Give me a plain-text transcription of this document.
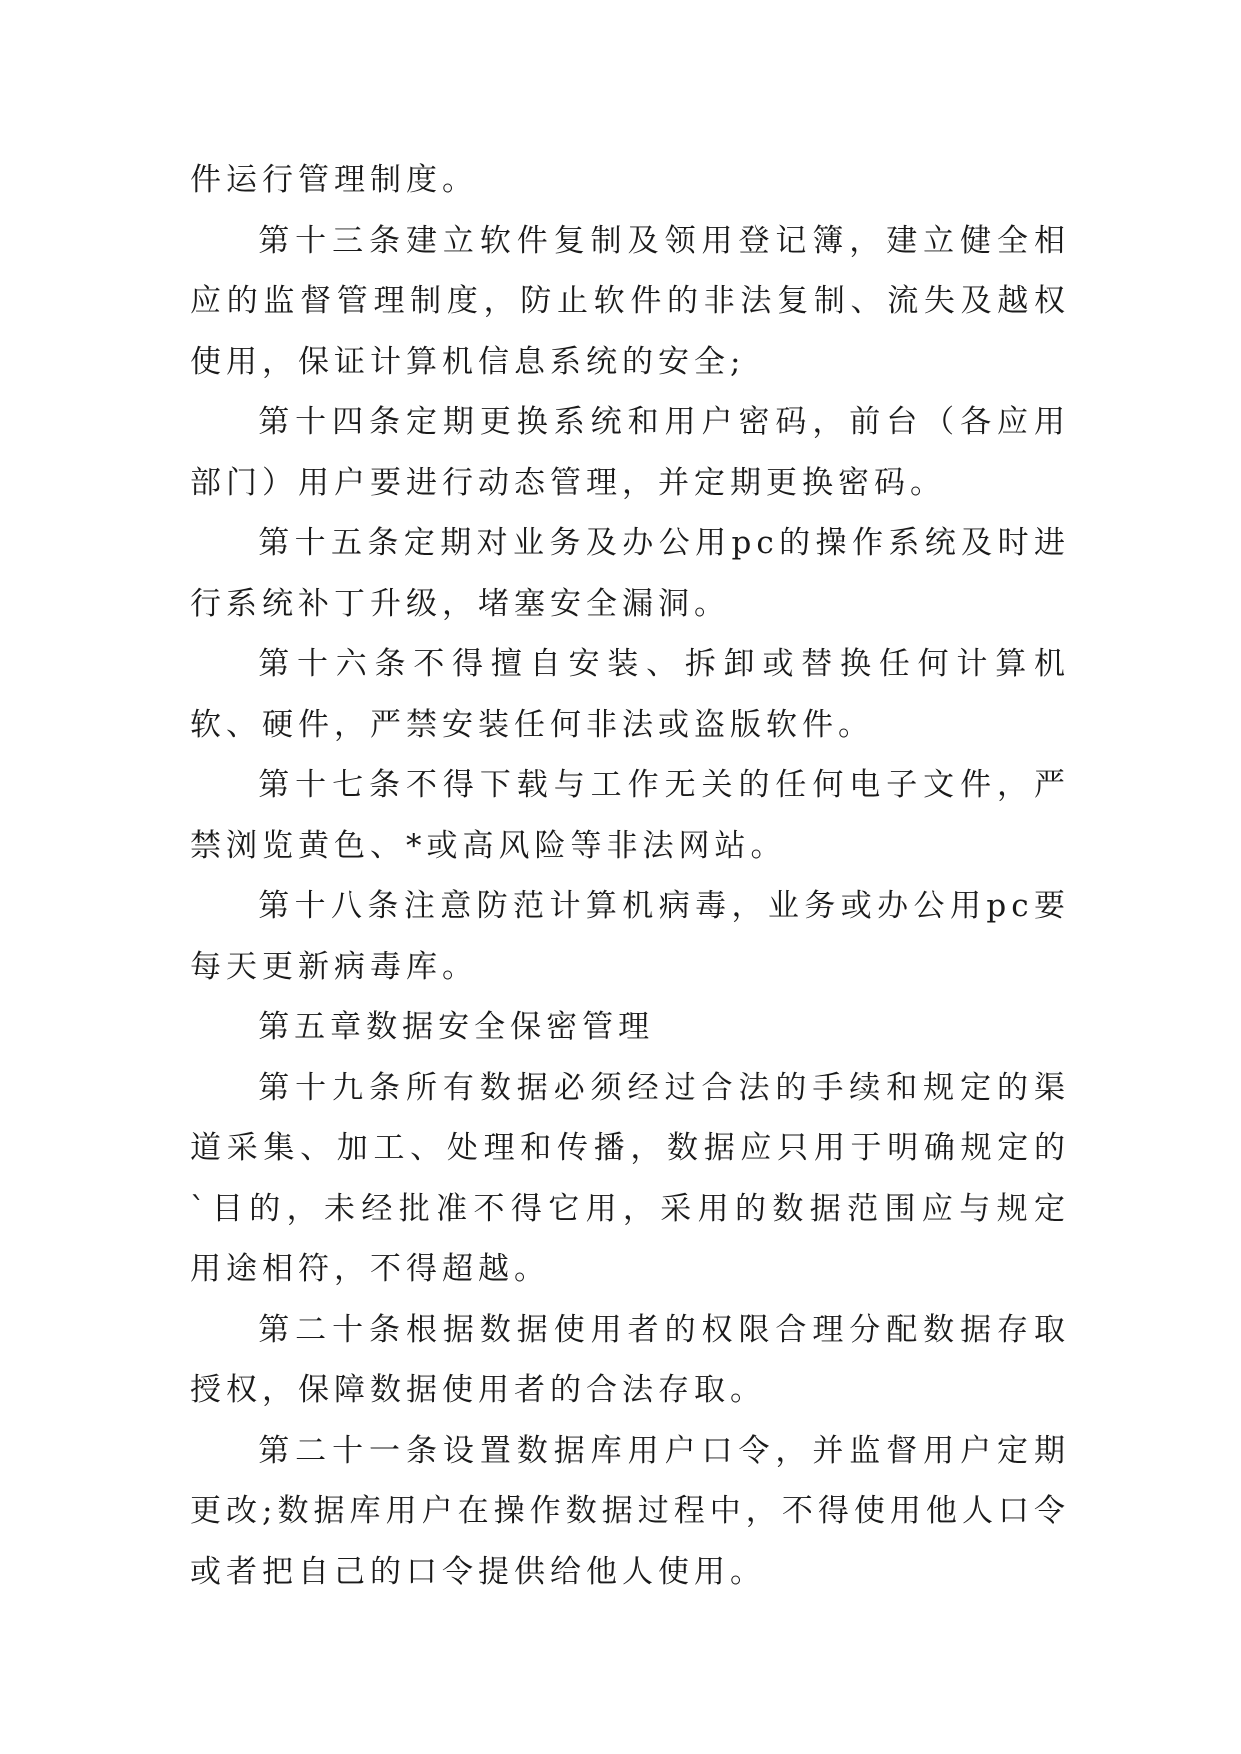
件运行管理制度。

第十三条建立软件复制及领用登记簿，建立健全相应的监督管理制度，防止软件的非法复制、流失及越权使用，保证计算机信息系统的安全;

第十四条定期更换系统和用户密码，前台（各应用部门）用户要进行动态管理，并定期更换密码。

第十五条定期对业务及办公用pc的操作系统及时进行系统补丁升级，堵塞安全漏洞。

第十六条不得擅自安装、拆卸或替换任何计算机软、硬件，严禁安装任何非法或盗版软件。

第十七条不得下载与工作无关的任何电子文件，严禁浏览黄色、*或高风险等非法网站。

第十八条注意防范计算机病毒，业务或办公用pc要每天更新病毒库。

第五章数据安全保密管理

第十九条所有数据必须经过合法的手续和规定的渠道采集、加工、处理和传播，数据应只用于明确规定的`目的，未经批准不得它用，采用的数据范围应与规定用途相符，不得超越。

第二十条根据数据使用者的权限合理分配数据存取授权，保障数据使用者的合法存取。

第二十一条设置数据库用户口令，并监督用户定期更改;数据库用户在操作数据过程中，不得使用他人口令或者把自己的口令提供给他人使用。
